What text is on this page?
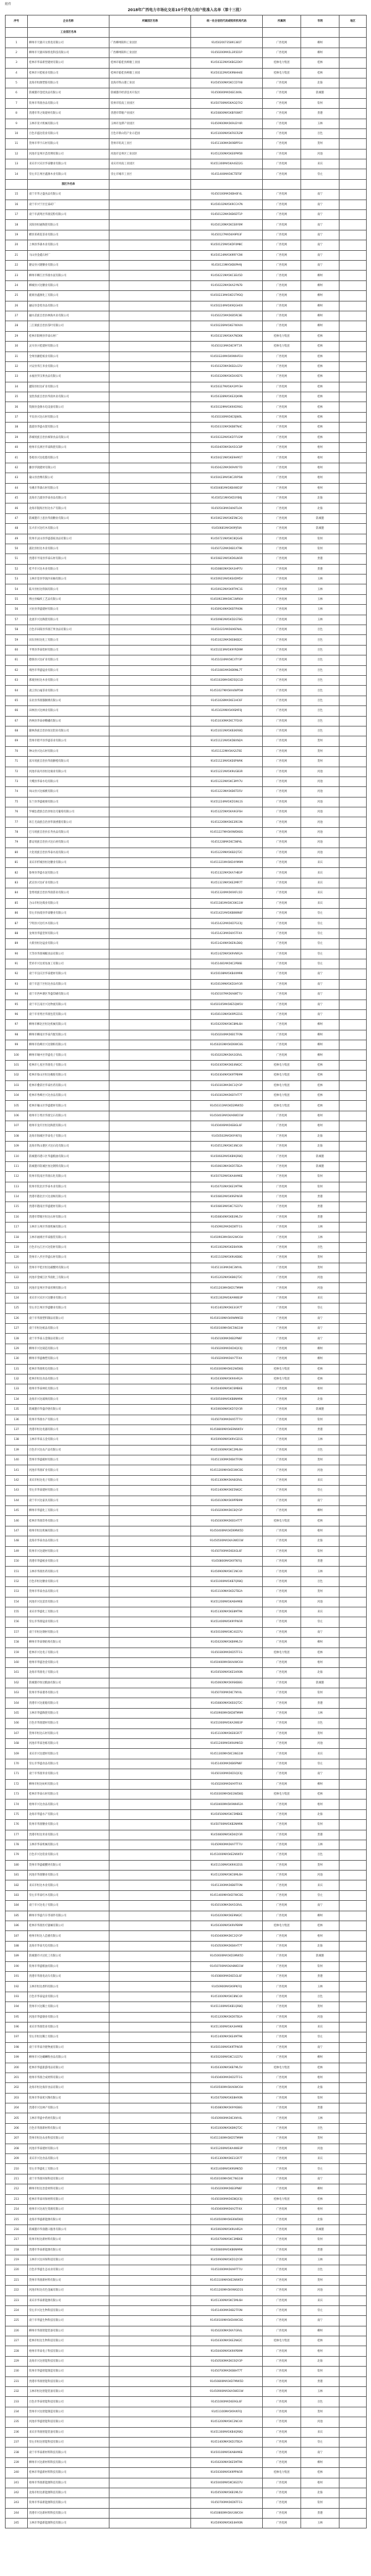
附件
2018年广西电力市场化交易10千伏电力用户批准入名单（第十三批）
序号	企业名称	所属园区名称	统一社会信用代码或组织机构代码	所属网	市网	地区
	工业园区名单					
1	柳州市天骏开元机电有限公司	广西柳州阳和工业园区	91450200735891381T	广西电网	柳州	
2	柳州市天骏环保机电科技有限公司	广西柳州阳和工业园区	91450200MA5L3R5D1P	广西电网	柳州	
3	桂林市华泰新型建材有限公司	桂林市临桂县秧塘工业园	91450322MA5KBG2D6Y	桂林电力集团	桂林	
4	桂林市兴桂纸业有限公司	桂林市临桂县秧塘工业园	91450322MA5K9NHH4E	桂林电力集团	桂林	
5	北海市恒源塑胶有限公司	北海市铁山港工业园	91450500MA5KCCD7X8	广西电网	北海	
6	防城港市金桂食品有限公司	防城港市经济技术开发区	91450600MA5KEC4K9L	广西电网	防城港	
7	钦州市华润食品有限公司	钦州市钦南工业园区	91450700MA5KAGQ7X2	广西电网	钦州	
8	贵港市华之锐建材有限公司	贵港市覃塘产业园区	91450800MA5KBF6W6T	广西电网	贵港	
9	玉林市亚兴机械有限公司	玉林市龙潭产业园区	91450900MA5K9U2Y4R	广西电网	玉林	
10	百色市盛达铝业有限公司	百色市新山铝产业示范园	91451000MA5KF6CR2M	广西电网	百色	
11	贺州市华宇石材有限公司	贺州市旺高工业区	91451100MA5K9BPP1H	广西电网	贺州	
12	河池市宜州区茧丝绸有限公司	河池市宜州区工业园区	91451200MA5KE0PM5B	广西电网	河池	
13	来宾市兴宾区华泰糖业有限公司	来宾市河南工业园区	91451300MA5KA4GD2G	广西电网	来宾	
14	崇左市江州区鑫源木业有限公司	崇左市城市工业区	91451400MA5KCTBT0F	广西电网	崇左	
	园区外名单					
15	南宁市华之盛食品有限公司		91450100MA5KBH0F4L	广西电网	南宁	
16	南宁市兴宁区宏泰砖厂		91450102MA5K9CCA7N	广西电网	南宁	
17	南宁市武鸣区华润淀粉有限公司		91450122MA5KB6DT1P	广西电网	南宁	
18	宾阳县恒通陶瓷有限公司		91450126MA5KCE8Y6M	广西电网	南宁	
19	横县茉莉花茶业有限公司		91450127MA5KA9P03F	广西电网	南宁	
20	上林县华森木业有限公司		91450125MA5KDF0M8C	广西电网	南宁	
21	马山县金鑫石材厂		91450124MA5K9RFY2W	广西电网	南宁	
22	隆安县兴隆糖业有限公司		91450123MA5KB0PH9J	广西电网	南宁	
23	柳州市柳江区华润水泥有限公司		91450221MA5KC3EU5D	广西电网	柳州	
24	柳城县兴达糖业有限公司		91450222MA5KA2YN7B	广西电网	柳州	
25	鹿寨县鑫源化工有限公司		91450223MA5KD1TM3Q	广西电网	柳州	
26	融安县金桔食品有限公司		91450224MA5K9QGH0X	广西电网	柳州	
27	融水苗族自治县林海木业有限公司		91450225MA5KB5RC8E	广西电网	柳州	
28	三江侗族自治县茶叶有限公司		91450226MA5KE7WX4A	广西电网	柳州	
29	桂林市阳朔县华泰石材厂		91450321MA5KA7ND6K	桂林电力集团	桂林	
30	灵川县兴桂建材有限公司		91450323MA5KC9FT1R	桂林电力集团	桂林	
31	全州县湘桂纸业有限公司		91450324MA5K9WHP2U	广西电网	桂林	
32	兴安县华江米业有限公司		91450325MA5KB2LG5V	广西电网	桂林	
33	永福县罗汉果食品有限公司		91450326MA5KD4XB7S	广西电网	桂林	
34	灌阳县恒达矿业有限公司		91450327MA5KA1MY3H	广西电网	桂林	
35	龙胜各族自治县华润木业有限公司		91450328MA5KE2QK9N	广西电网	桂林	
36	资源县金源水电设备有限公司		91450329MA5K9XDR6G	广西电网	桂林	
37	平乐县兴达石材有限公司		91450330MA5KC6JW0L	广西电网	桂林	
38	荔浦县华盛衣架有限公司		91450331MA5KB8TN4C	广西电网	桂林	
39	恭城瑶族自治县柿饼食品有限公司		91450332MA5KD7FV2M	广西电网	桂林	
40	梧州市长洲区华泰陶瓷有限公司		91450405MA5KA5GC8P	广西电网	梧州	
41	苍梧县兴达松脂有限公司		91450421MA5KE9HM1T	广西电网	梧州	
42	藤县华润建材有限公司		91450422MA5K9VKY7D	广西电网	梧州	
43	蒙山县丝绸有限公司		91450423MA5KC2RP5W	广西电网	梧州	
44	岑溪市华森石材有限公司		91450481MA5KB4WD3F	广西电网	梧州	
45	北海市合浦县华泰食品有限公司		91450521MA5KD3YB6J	广西电网	北海	
46	北海市银海区恒达水产有限公司		91450503MA5KA8TL0X	广西电网	北海	
47	防城港市上思县华润糖业有限公司		91450621MA5KE5NC2Q	广西电网	防城港	
48	东兴市兴达红木有限公司		91450681MA5K9PJF8A	广西电网	防城港	
49	钦州市灵山县华盛荔枝食品有限公司		91450721MA5KC8QG4E	广西电网	钦州	
50	浦北县恒达木业有限公司		91450722MA5KB1XT9K	广西电网	钦州	
51	贵港市平南县华泰石材有限公司		91450821MA5KD6LW3R	广西电网	贵港	
52	桂平市兴达木业有限公司		91450881MA5KA3HP7U	广西电网	贵港	
53	玉林市容县华润沙田柚有限公司		91450921MA5KE4DM5V	广西电网	玉林	
54	陆川县恒达铁锅有限公司		91450922MA5K9TMC1S	广西电网	玉林	
55	博白县编织工艺品有限公司		91450923MA5KC1WR6H	广西电网	玉林	
56	兴业县华盛建材有限公司		91450924MA5KB7PX0N	广西电网	玉林	
57	北流市兴达陶瓷有限公司		91450981MA5KD2GT8G	广西电网	玉林	
58	百色市田阳县华润芒果食品有限公司		91451021MA5KA6FN4L	广西电网	百色	
59	田东县恒达化工有限公司		91451022MA5KE8KB2C	广西电网	百色	
60	平果县华泰铝材有限公司		91451023MA5K9YRD9M	广西电网	百色	
61	德保县兴达矿业有限公司		91451024MA5KC4TY3P	广西电网	百色	
62	靖西市华盛锰业有限公司		91451081MA5KB9NL7T	广西电网	百色	
63	那坡县恒达木业有限公司		91451026MA5KD5QG1D	广西电网	百色	
64	凌云县白毫茶业有限公司		91451027MA5KA4WP5W	广西电网	百色	
65	乐业县华润猕猴桃有限公司		91451028MA5KE1HC6F	广西电网	百色	
66	田林县兴达林业有限公司		91451029MA5K9SMF0J	广西电网	百色	
67	西林县华泰砂糖橘有限公司		91451030MA5KC7FD4X	广西电网	百色	
68	隆林各族自治县恒达铝业有限公司		91451031MA5KB3KR8Q	广西电网	百色	
69	贺州市昭平县华盛茶业有限公司		91451121MA5KD8XN2A	广西电网	贺州	
70	钟山县兴达石材有限公司		91451122MA5KA2LT6E	广西电网	贺州	
71	富川瑶族自治县华润脐橙有限公司		91451123MA5KE6PW9K	广西电网	贺州	
72	河池市南丹县恒达锡业有限公司		91451221MA5K9UGB3R	广西电网	河池	
73	天峨县华泰水电有限公司		91451222MA5KC3MY7U	广西电网	河池	
74	凤山县兴达核桃有限公司		91451223MA5KB6TD5V	广西电网	河池	
75	东兰县华盛板栗有限公司		91451224MA5KD1WL1S	广西电网	河池	
76	罗城仫佬族自治县恒达毛葡萄有限公司		91451225MA5KA9GF6H	广西电网	河池	
77	环江毛南族自治县华润香猪有限公司		91451226MA5KE3RC0N	广西电网	河池	
78	巴马瑶族自治县长寿食品有限公司		91451227MA5K9WDK8G	广西电网	河池	
79	都安瑶族自治县兴达石材有限公司		91451228MA5KC5NP4L	广西电网	河池	
80	大化瑶族自治县华泰水泥有限公司		91451229MA5KB2QT2C	广西电网	河池	
81	来宾市忻城县恒达糖业有限公司		91451321MA5KD4YM9M	广西电网	来宾	
82	象州县华盛水泥有限公司		91451322MA5KA7HB3P	广西电网	来宾	
83	武宣县兴达矿业有限公司		91451323MA5KE2MR7T	广西电网	来宾	
84	金秀瑶族自治县华润茶业有限公司		91451324MA5K9XFL5D	广西电网	来宾	
85	合山市恒达煤业有限公司		91451381MA5KC6KG1W	广西电网	来宾	
86	崇左市扶绥县华泰糖业有限公司		91451421MA5KB8WN6F	广西电网	崇左	
87	宁明县兴达红木有限公司		91451422MA5KD7GC0J	广西电网	崇左	
88	龙州县华盛坚果有限公司		91451423MA5KA5TF4X	广西电网	崇左	
89	大新县恒达锰业有限公司		91451424MA5KE9LD8Q	广西电网	崇左	
90	天等县华润辣椒食品有限公司		91451425MA5K9VNR2A	广西电网	崇左	
91	凭祥市兴达贸易加工有限公司		91451481MA5KC2PB6E	广西电网	崇左	
92	南宁市良庆区华泰建材有限公司		91450108MA5KB4XM9K	广西电网	南宁	
93	南宁市邕宁区恒达食品有限公司		91450109MA5KD3HY3R	广西电网	南宁	
94	南宁市西乡塘区华盛印刷有限公司		91450107MA5KA8KT7U	广西电网	南宁	
95	南宁市江南区兴达物流有限公司		91450105MA5KE5QW5V	广西电网	南宁	
96	南宁市青秀区华润包装有限公司		91450103MA5K9PGD1S	广西电网	南宁	
97	柳州市柳北区恒达机械有限公司		91450205MA5KC8ML6H	广西电网	柳州	
98	柳州市柳南区华泰汽配有限公司		91450204MA5KB1TF0N	广西电网	柳州	
99	柳州市鱼峰区兴达钢构有限公司		91450203MA5KD6WC8G	广西电网	柳州	
100	柳州市城中区华盛电子有限公司		91450202MA5KA3GR4L	广西电网	柳州	
101	桂林市七星区华润电子有限公司		91450305MA5KE4NK2C	桂林电力集团	桂林	
102	桂林市象山区恒达橡胶有限公司		91450304MA5K9TPB9M	桂林电力集团	桂林	
103	桂林市叠彩区华泰医药有限公司		91450303MA5KC1QY3P	桂林电力集团	桂林	
104	桂林市秀峰区兴达食品有限公司		91450302MA5KB7HT7T	桂林电力集团	桂林	
105	桂林市雁山区华盛建材有限公司		91450311MA5KD2MW5D	桂林电力集团	桂林	
106	梧州市万秀区华润宝石有限公司		91450403MA5KA6WD1W	广西电网	梧州	
107	梧州市龙圩区恒达陶瓷有限公司		91450406MA5KE8GL6F	广西电网	梧州	
108	北海市海城区华泰电子有限公司		91450502MA5K9YKF0J	广西电网	北海	
109	北海市铁山港区兴达石化有限公司		91450512MA5KC4NC4X	广西电网	北海	
110	防城港市港口区华盛粮油有限公司		91450602MA5KB9QR8Q	广西电网	防城港	
111	防城港市防城区恒达钢铁有限公司		91450603MA5KD5TB2A	广西电网	防城港	
112	钦州市钦南区华润石化有限公司		91450702MA5KA4HM6E	广西电网	钦州	
113	钦州市钦北区华泰木业有限公司		91450703MA5KE1MT9K	广西电网	钦州	
114	贵港市港北区兴达羽绒有限公司		91450802MA5K9SPW3R	广西电网	贵港	
115	贵港市港南区华盛建材有限公司		91450803MA5KC7GD7U	广西电网	贵港	
116	贵港市覃塘区恒达石材有限公司		91450804MA5KB3ML5V	广西电网	贵港	
117	玉林市玉州区华润机械有限公司		91450902MA5KD8TF1S	广西电网	玉林	
118	玉林市福绵区华泰服装有限公司		91450903MA5KA2WC6H	广西电网	玉林	
119	百色市右江区兴达铝材有限公司		91451002MA5KE6HR0N	广西电网	百色	
120	贺州市八步区华盛石材有限公司		91451102MA5K9UKB8G	广西电网	贺州	
121	贺州市平桂区恒达碳酸钙有限公司		91451103MA5KC3NY4L	广西电网	贺州	
122	河池市金城江区华润化工有限公司		91451202MA5KB6QT2C	广西电网	河池	
123	河池市宜州区华泰丝绸有限公司		91451203MA5KD1TM9M	广西电网	河池	
124	来宾市兴宾区兴达糖业有限公司		91451302MA5KA9WB3P	广西电网	来宾	
125	崇左市江州区华盛糖业有限公司		91451402MA5KE3GR7T	广西电网	崇左	
126	南宁市华润塑料制品有限公司		91450100MA5K9WMK5D	广西电网	南宁	
127	南宁市恒达纸品有限公司		91450100MA5KC5NG1W	广西电网	南宁	
128	南宁市华泰五金制品有限公司		91450100MA5KB2PN6F	广西电网	南宁	
129	柳州市兴达铸造有限公司		91450200MA5KD4QC0J	广西电网	柳州	
130	柳州市华盛橡塑有限公司		91450200MA5KA7TF4X	广西电网	柳州	
131	桂林市华润机电有限公司		91450300MA5KE2WD8Q	桂林电力集团	桂林	
132	桂林市恒达食品有限公司		91450300MA5K9XHR2A	桂林电力集团	桂林	
133	梧州市华泰林化有限公司		91450400MA5KC6MB6E	广西电网	梧州	
134	北海市兴达玻璃有限公司		91450500MA5KB8NM9K	广西电网	北海	
135	防城港市华盛冷链有限公司		91450600MA5KD7QY3R	广西电网	防城港	
136	钦州市华润水产有限公司		91450700MA5KA5TT7U	广西电网	钦州	
137	贵港市恒达电器有限公司		91450800MA5KE9WW5V	广西电网	贵港	
138	玉林市华泰五金有限公司		91450900MA5K9VGD1S	广西电网	玉林	
139	百色市兴达农产品有限公司		91451000MA5KC2ML6H	广西电网	百色	
140	贺州市华盛板材有限公司		91451100MA5KB4TF0N	广西电网	贺州	
141	河池市华润矿业有限公司		91451200MA5KD3WC8G	广西电网	河池	
142	来宾市恒达电子有限公司		91451300MA5KA8GR4L	广西电网	来宾	
143	崇左市华泰建材有限公司		91451400MA5KE5NK2C	广西电网	崇左	
144	南宁市兴达家具有限公司		91450100MA5K9PPB9M	广西电网	南宁	
145	柳州市华盛化工有限公司		91450200MA5KC8QY3P	广西电网	柳州	
146	桂林市华润印务有限公司		91450300MA5KB1HT7T	桂林电力集团	桂林	
147	梧州市恒达机械有限公司		91450400MA5KD6MW5D	广西电网	梧州	
148	北海市华泰食品有限公司		91450500MA5KA3WD1W	广西电网	北海	
149	钦州市兴达建材有限公司		91450700MA5KE4GL6F	广西电网	钦州	
150	贵港市华盛纸业有限公司		91450800MA5K9TKF0J	广西电网	贵港	
151	玉林市华润医药有限公司		91450900MA5KC1NC4X	广西电网	玉林	
152	百色市恒达糖业有限公司		91451000MA5KB7QR8Q	广西电网	百色	
153	贺州市华泰食品有限公司		91451100MA5KD2TB2A	广西电网	贺州	
154	河池市兴达茧丝有限公司		91451200MA5KA6HM6E	广西电网	河池	
155	来宾市华盛化工有限公司		91451300MA5KE8MT9K	广西电网	来宾	
156	崇左市华润锰业有限公司		91451400MA5K9YPW3R	广西电网	崇左	
157	南宁市恒达钢材有限公司		91450100MA5KC4GD7U	广西电网	南宁	
158	柳州市华泰钢结构有限公司		91450200MA5KB9ML5V	广西电网	柳州	
159	桂林市兴达电子有限公司		91450300MA5KD5TF1S	桂林电力集团	桂林	
160	梧州市华盛冶金有限公司		91450400MA5KA4WC6H	广西电网	梧州	
161	北海市华润电子有限公司		91450500MA5KE1HR0N	广西电网	北海	
162	防城港市恒达粮油有限公司		91450600MA5K9SKB8G	广西电网	防城港	
163	钦州市华泰港务有限公司		91450700MA5KC7NY4L	广西电网	钦州	
164	贵港市兴达船舶有限公司		91450800MA5KB3QT2C	广西电网	贵港	
165	玉林市华盛陶瓷有限公司		91450900MA5KD8TM9M	广西电网	玉林	
166	百色市华润建材有限公司		91451000MA5KA2WB3P	广西电网	百色	
167	贺州市恒达石材有限公司		91451100MA5KE6GR7T	广西电网	贺州	
168	河池市华泰冶炼有限公司		91451200MA5K9UMK5D	广西电网	河池	
169	来宾市兴达建材有限公司		91451300MA5KC3NG1W	广西电网	来宾	
170	崇左市华盛食品有限公司		91451400MA5KB6PN6F	广西电网	崇左	
171	南宁市华润米业有限公司		91450100MA5KD1QC0J	广西电网	南宁	
172	柳州市恒达纺织有限公司		91450200MA5KA9TF4X	广西电网	柳州	
173	桂林市华泰石材有限公司		91450300MA5KE3WD8Q	桂林电力集团	桂林	
174	梧州市兴达食品有限公司		91450400MA5K9WHR2A	广西电网	梧州	
175	北海市华盛水产有限公司		91450500MA5KC5MB6E	广西电网	北海	
176	钦州市华润糖业有限公司		91450700MA5KB2NM9K	广西电网	钦州	
177	贵港市恒达米业有限公司		91450800MA5KD4QY3R	广西电网	贵港	
178	玉林市华泰机械有限公司		91450900MA5KA7TT7U	广西电网	玉林	
179	百色市兴达铝业有限公司		91451000MA5KE2WW5V	广西电网	百色	
180	贺州市华盛碳酸钙有限公司		91451100MA5K9XGD1S	广西电网	贺州	
181	河池市华润糖业有限公司		91451200MA5KC6ML6H	广西电网	河池	
182	来宾市恒达木业有限公司		91451300MA5KB8TF0N	广西电网	来宾	
183	崇左市华泰红木有限公司		91451400MA5KD7WC8G	广西电网	崇左	
184	南宁市兴达电子有限公司		91450100MA5KA5GR4L	广西电网	南宁	
185	柳州市华盛汽车零部件有限公司		91450200MA5KE9NK2C	广西电网	柳州	
186	桂林市华润医疗器械有限公司		91450300MA5K9VPB9M	桂林电力集团	桂林	
187	梧州市恒达人造板有限公司		91450400MA5KC2QY3P	广西电网	梧州	
188	北海市华泰光电有限公司		91450500MA5KB4HT7T	广西电网	北海	
189	防城港市兴达化工有限公司		91450600MA5KD3MW5D	广西电网	防城港	
190	钦州市华盛粮油有限公司		91450700MA5KA8WD1W	广西电网	钦州	
191	贵港市华润电动车有限公司		91450800MA5KE5GL6F	广西电网	贵港	
192	玉林市恒达香料有限公司		91450900MA5K9PKF0J	广西电网	玉林	
193	百色市华泰锰业有限公司		91451000MA5KC8NC4X	广西电网	百色	
194	贺州市兴达稀土有限公司		91451100MA5KB1QR8Q	广西电网	贺州	
195	河池市华盛铟业有限公司		91451200MA5KD6TB2A	广西电网	河池	
196	来宾市华润铝业有限公司		91451300MA5KA3HM6E	广西电网	来宾	
197	崇左市恒达稀土有限公司		91451400MA5KE4MT9K	广西电网	崇左	
198	南宁市华泰冷链物流有限公司		91450100MA5K9TPW3R	广西电网	南宁	
199	柳州市兴达螺蛳粉食品有限公司		91450200MA5KC1GD7U	广西电网	柳州	
200	桂林市华盛旅游用品有限公司		91450300MA5KB7ML5V	桂林电力集团	桂林	
201	梧州市华润合成材料有限公司		91450400MA5KD2TF1S	广西电网	梧州	
202	北海市恒达海洋食品有限公司		91450500MA5KA6WC6H	广西电网	北海	
203	钦州市华泰坭兴陶有限公司		91450700MA5KE8HR0N	广西电网	钦州	
204	贵港市兴达林产有限公司		91450800MA5K9YKB8G	广西电网	贵港	
205	玉林市华盛中药材有限公司		91450900MA5KC4NY4L	广西电网	玉林	
206	百色市华润新材料有限公司		91451000MA5KB9QT2C	广西电网	百色	
207	贺州市恒达农业科技有限公司		91451100MA5KD5TM9M	广西电网	贺州	
208	河池市华泰建材有限公司		91451200MA5KA4WB3P	广西电网	河池	
209	来宾市兴达食品有限公司		91451300MA5KE1GR7T	广西电网	来宾	
210	崇左市华盛化工有限公司		91451400MA5K9SMK5D	广西电网	崇左	
211	南宁市华润环保科技有限公司		91450100MA5KC7NG1W	广西电网	南宁	
212	柳州市恒达冶金材料有限公司		91450200MA5KB3PN6F	广西电网	柳州	
213	桂林市华泰环保材料有限公司		91450300MA5KD8QC0J	桂林电力集团	桂林	
214	梧州市兴达再生资源有限公司		91450400MA5KA2TF4X	广西电网	梧州	
215	北海市华盛新能源有限公司		91450500MA5KE6WD8Q	广西电网	北海	
216	防城港市华润港口服务有限公司		91450600MA5K9UHR2A	广西电网	防城港	
217	钦州市恒达新材料有限公司		91450700MA5KC3MB6E	广西电网	钦州	
218	贵港市华泰新能源有限公司		91450800MA5KB6NM9K	广西电网	贵港	
219	玉林市兴达环保科技有限公司		91450900MA5KD1QY3R	广西电网	玉林	
220	百色市华盛生态农业有限公司		91451000MA5KA9TT7U	广西电网	百色	
221	贺州市华润新材料有限公司		91451100MA5KE3WW5V	广西电网	贺州	
222	河池市恒达有色金属有限公司		91451200MA5K9WGD1S	广西电网	河池	
223	来宾市华泰新能源有限公司		91451300MA5KC5ML6H	广西电网	来宾	
224	崇左市兴达生物科技有限公司		91451400MA5KB2TF0N	广西电网	崇左	
225	南宁市华盛生物科技有限公司		91450100MA5KD4WC8G	广西电网	南宁	
226	柳州市华润智能装备有限公司		91450200MA5KA7GR4L	广西电网	柳州	
227	桂林市恒达生物科技有限公司		91450300MA5KE2NK2C	桂林电力集团	桂林	
228	梧州市华泰电子科技有限公司		91450400MA5K9XPB9M	广西电网	梧州	
229	北海市兴达智能科技有限公司		91450500MA5KC6QY3P	广西电网	北海	
230	钦州市华盛智能制造有限公司		91450700MA5KB8HT7T	广西电网	钦州	
231	贵港市华润智能科技有限公司		91450800MA5KD7MW5D	广西电网	贵港	
232	玉林市恒达智能装备有限公司		91450900MA5KA5WD1W	广西电网	玉林	
233	百色市华泰智能科技有限公司		91451000MA5KE9GL6F	广西电网	百色	
234	贺州市兴达智能制造有限公司		91451100MA5K9VKF0J	广西电网	贺州	
235	河池市华盛智能科技有限公司		91451200MA5KC2NC4X	广西电网	河池	
236	来宾市华润智能装备有限公司		91451300MA5KB4QR8Q	广西电网	来宾	
237	崇左市恒达智能科技有限公司		91451400MA5KD3TB2A	广西电网	崇左	
238	南宁市华泰新材料科技有限公司		91450100MA5KA8HM6E	广西电网	南宁	
239	柳州市兴达新材料科技有限公司		91450200MA5KE5MT9K	广西电网	柳州	
240	桂林市华盛新材料科技有限公司		91450300MA5K9PPW3R	桂林电力集团	桂林	
241	梧州市华润新能源科技有限公司		91450400MA5KC8GD7U	广西电网	梧州	
242	北海市恒达新能源科技有限公司		91450500MA5KB1ML5V	广西电网	北海	
243	钦州市华泰新能源科技有限公司		91450700MA5KD6TF1S	广西电网	钦州	
244	贵港市兴达新材料科技有限公司		91450800MA5KA3WC6H	广西电网	贵港	
245	玉林市华盛新能源科技有限公司		91450900MA5KE4HR0N	广西电网	玉林	
